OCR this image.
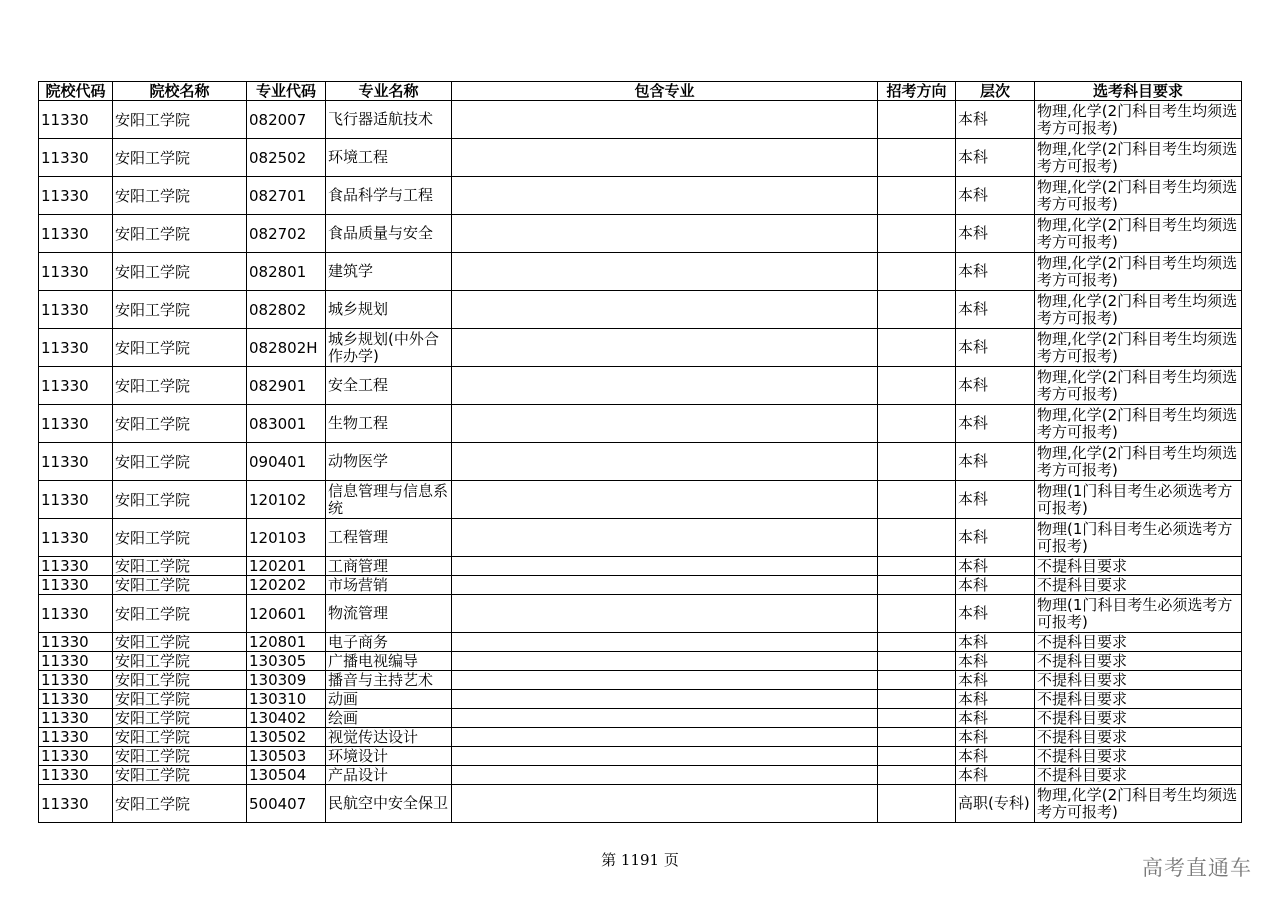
院校代码	院校名称	专业代码	专业名称	包含专业	招考方向	层次	选考科目要求
11330	安阳工学院	082007	飞行器适航技术			本科	物理,化学(2门科目考生均须选考方可报考)
11330	安阳工学院	082502	环境工程			本科	物理,化学(2门科目考生均须选考方可报考)
11330	安阳工学院	082701	食品科学与工程			本科	物理,化学(2门科目考生均须选考方可报考)
11330	安阳工学院	082702	食品质量与安全			本科	物理,化学(2门科目考生均须选考方可报考)
11330	安阳工学院	082801	建筑学			本科	物理,化学(2门科目考生均须选考方可报考)
11330	安阳工学院	082802	城乡规划			本科	物理,化学(2门科目考生均须选考方可报考)
11330	安阳工学院	082802H	城乡规划(中外合作办学)			本科	物理,化学(2门科目考生均须选考方可报考)
11330	安阳工学院	082901	安全工程			本科	物理,化学(2门科目考生均须选考方可报考)
11330	安阳工学院	083001	生物工程			本科	物理,化学(2门科目考生均须选考方可报考)
11330	安阳工学院	090401	动物医学			本科	物理,化学(2门科目考生均须选考方可报考)
11330	安阳工学院	120102	信息管理与信息系统			本科	物理(1门科目考生必须选考方可报考)
11330	安阳工学院	120103	工程管理			本科	物理(1门科目考生必须选考方可报考)
11330	安阳工学院	120201	工商管理			本科	不提科目要求
11330	安阳工学院	120202	市场营销			本科	不提科目要求
11330	安阳工学院	120601	物流管理			本科	物理(1门科目考生必须选考方可报考)
11330	安阳工学院	120801	电子商务			本科	不提科目要求
11330	安阳工学院	130305	广播电视编导			本科	不提科目要求
11330	安阳工学院	130309	播音与主持艺术			本科	不提科目要求
11330	安阳工学院	130310	动画			本科	不提科目要求
11330	安阳工学院	130402	绘画			本科	不提科目要求
11330	安阳工学院	130502	视觉传达设计			本科	不提科目要求
11330	安阳工学院	130503	环境设计			本科	不提科目要求
11330	安阳工学院	130504	产品设计			本科	不提科目要求
11330	安阳工学院	500407	民航空中安全保卫			高职(专科)	物理,化学(2门科目考生均须选考方可报考)
第 1191 页	高考直通车
